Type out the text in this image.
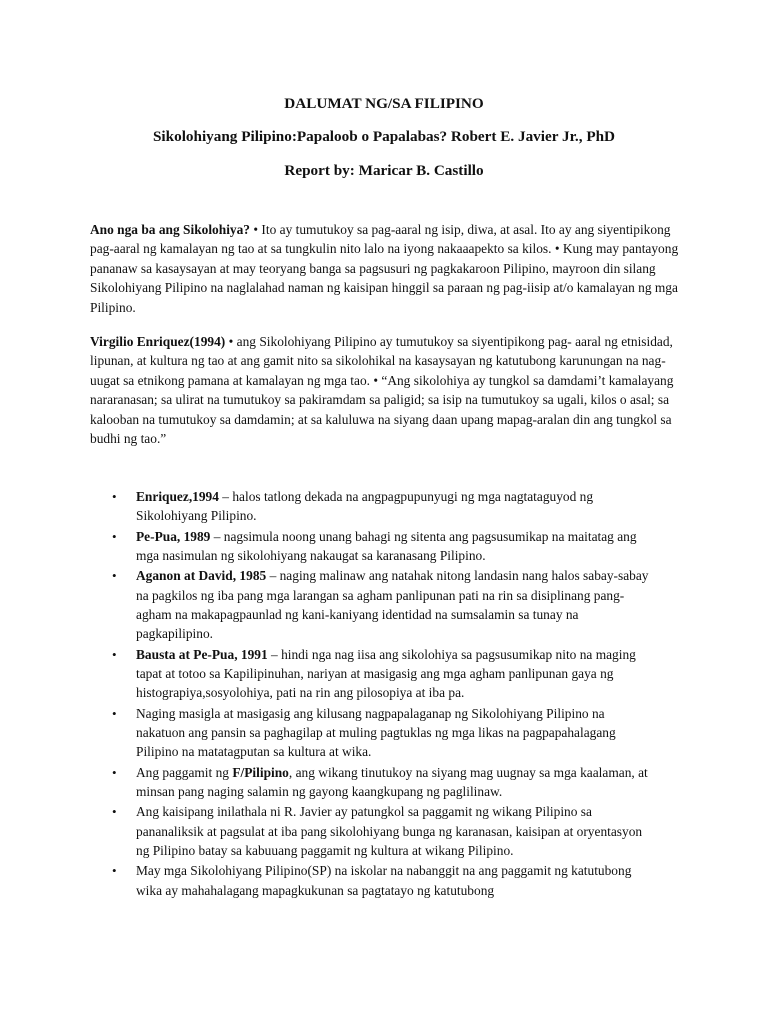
DALUMAT NG/SA FILIPINO
Sikolohiyang Pilipino:Papaloob o Papalabas? Robert E. Javier Jr., PhD
Report by: Maricar B. Castillo

Ano nga ba ang Sikolohiya? • Ito ay tumutukoy sa pag-aaral ng isip, diwa, at asal. Ito ay ang siyentipikong pag-aaral ng kamalayan ng tao at sa tungkulin nito lalo na iyong nakaaapekto sa kilos. • Kung may pantayong pananaw sa kasaysayan at may teoryang banga sa pagsusuri ng pagkakaroon Pilipino, mayroon din silang Sikolohiyang Pilipino na naglalahad naman ng kaisipan hinggil sa paraan ng pag-iisip at/o kamalayan ng mga Pilipino.

Virgilio Enriquez(1994) • ang Sikolohiyang Pilipino ay tumutukoy sa siyentipikong pag- aaral ng etnisidad, lipunan, at kultura ng tao at ang gamit nito sa sikolohikal na kasaysayan ng katutubong karunungan na nag-uugat sa etnikong pamana at kamalayan ng mga tao. • “Ang sikolohiya ay tungkol sa damdami’t kamalayang nararanasan; sa ulirat na tumutukoy sa pakiramdam sa paligid; sa isip na tumutukoy sa ugali, kilos o asal; sa kalooban na tumutukoy sa damdamin; at sa kaluluwa na siyang daan upang mapag-aralan din ang tungkol sa budhi ng tao.”

• Enriquez,1994 – halos tatlong dekada na angpagpupunyugi ng mga nagtataguyod ng Sikolohiyang Pilipino.
• Pe-Pua, 1989 – nagsimula noong unang bahagi ng sitenta ang pagsusumikap na maitatag ang mga nasimulan ng sikolohiyang nakaugat sa karanasang Pilipino.
• Aganon at David, 1985 – naging malinaw ang natahak nitong landasin nang halos sabay-sabay na pagkilos ng iba pang mga larangan sa agham panlipunan pati na rin sa disiplinang pang-agham na makapagpaunlad ng kani-kaniyang identidad na sumsalamin sa tunay na pagkapilipino.
• Bausta at Pe-Pua, 1991 – hindi nga nag iisa ang sikolohiya sa pagsusumikap nito na maging tapat at totoo sa Kapilipinuhan, nariyan at masigasig ang mga agham panlipunan gaya ng histograpiya,sosyolohiya, pati na rin ang pilosopiya at iba pa.
• Naging masigla at masigasig ang kilusang nagpapalaganap ng Sikolohiyang Pilipino na nakatuon ang pansin sa paghagilap at muling pagtuklas ng mga likas na pagpapahalagang Pilipino na matatagputan sa kultura at wika.
• Ang paggamit ng F/Pilipino, ang wikang tinutukoy na siyang mag uugnay sa mga kaalaman, at minsan pang naging salamin ng gayong kaangkupang ng paglilinaw.
• Ang kaisipang inilathala ni R. Javier ay patungkol sa paggamit ng wikang Pilipino sa pananaliksik at pagsulat at iba pang sikolohiyang bunga ng karanasan, kaisipan at oryentasyon ng Pilipino batay sa kabuuang paggamit ng kultura at wikang Pilipino.
• May mga Sikolohiyang Pilipino(SP) na iskolar na nabanggit na ang paggamit ng katutubong wika ay mahahalagang mapagkukunan sa pagtatayo ng katutubong
